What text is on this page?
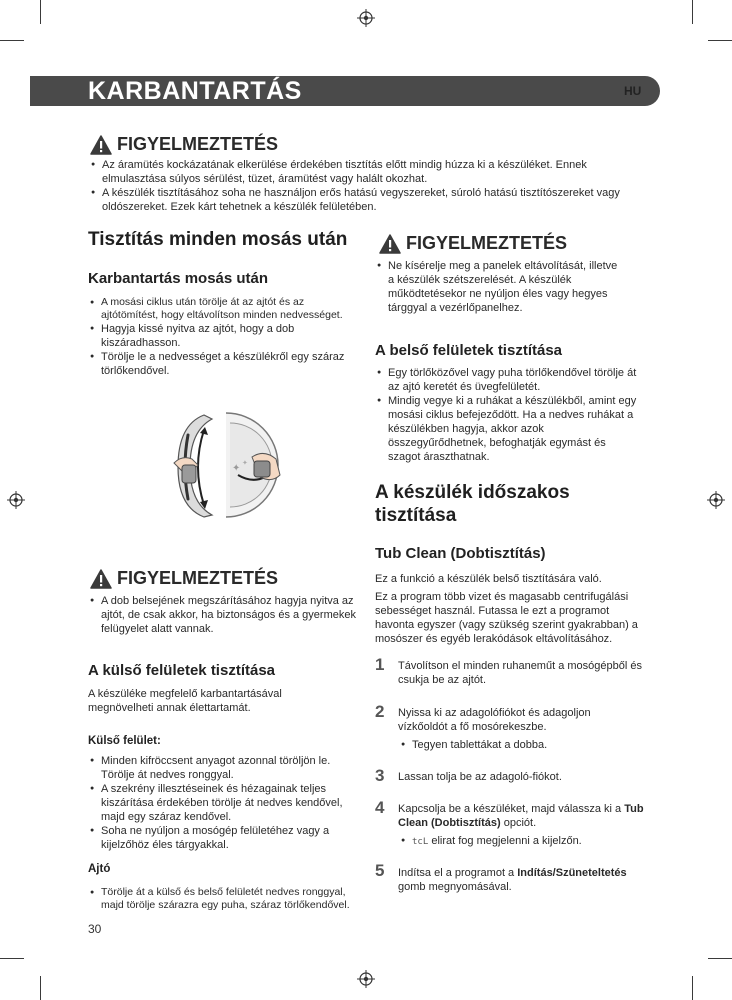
KARBANTARTÁS	HU
FIGYELMEZTETÉS
● Az áramütés kockázatának elkerülése érdekében tisztítás előtt mindig húzza ki a készüléket. Ennek elmulasztása súlyos sérülést, tüzet, áramütést vagy halált okozhat.
● A készülék tisztításához soha ne használjon erős hatású vegyszereket, súroló hatású tisztítószereket vagy oldószereket. Ezek kárt tehetnek a készülék felületében.
Tisztítás minden mosás után
Karbantartás mosás után
● A mosási ciklus után törölje át az ajtót és az ajtótömítést, hogy eltávolítson minden nedvességet.
● Hagyja kissé nyitva az ajtót, hogy a dob kiszáradhasson.
● Törölje le a nedvességet a készülékről egy száraz törlőkendővel.
✦ ✦
FIGYELMEZTETÉS
● A dob belsejének megszárításához hagyja nyitva az ajtót, de csak akkor, ha biztonságos és a gyermekek felügyelet alatt vannak.
A külső felületek tisztítása

A készüléke megfelelő karbantartásával megnövelheti annak élettartamát.

Külső felület:
● Minden kifröccsent anyagot azonnal töröljön le. Törölje át nedves ronggyal.
● A szekrény illesztéseinek és hézagainak teljes kiszárítása érdekében törölje át nedves kendővel, majd egy száraz kendővel.
● Soha ne nyúljon a mosógép felületéhez vagy a kijelzőhöz éles tárgyakkal.
Ajtó
● Törölje át a külső és belső felületét nedves ronggyal, majd törölje szárazra egy puha, száraz törlőkendővel.
FIGYELMEZTETÉS
● Ne kísérelje meg a panelek eltávolítását, illetve a készülék szétszerelését. A készülék működtetésekor ne nyúljon éles vagy hegyes tárggyal a vezérlőpanelhez.
A belső felületek tisztítása
● Egy törlőközővel vagy puha törlőkendővel törölje át az ajtó keretét és üvegfelületét.
● Mindig vegye ki a ruhákat a készülékből, amint egy mosási ciklus befejeződött. Ha a nedves ruhákat a készülékben hagyja, akkor azok összegyűrődhetnek, befoghatják egymást és szagot áraszthatnak.
A készülék időszakos tisztítása
Tub Clean (Dobtisztítás)

Ez a funkció a készülék belső tisztítására való.

Ez a program több vizet és magasabb centrifugálási sebességet használ. Futassa le ezt a programot havonta egyszer (vagy szükség szerint gyakrabban) a mosószer és egyéb lerakódások eltávolításához.

1 Távolítson el minden ruhaneműt a mosógépből és csukja be az ajtót.
2 Nyissa ki az adagolófiókot és adagoljon vízkőoldót a fő mosórekeszbe.
● Tegyen tablettákat a dobba.
3 Lassan tolja be az adagoló-fiókot.
4 Kapcsolja be a készüléket, majd válassza ki a Tub Clean (Dobtisztítás) opciót.
● tcL elirat fog megjelenni a kijelzőn.
5 Indítsa el a programot a Indítás/Szüneteltetés gomb megnyomásával.
30
